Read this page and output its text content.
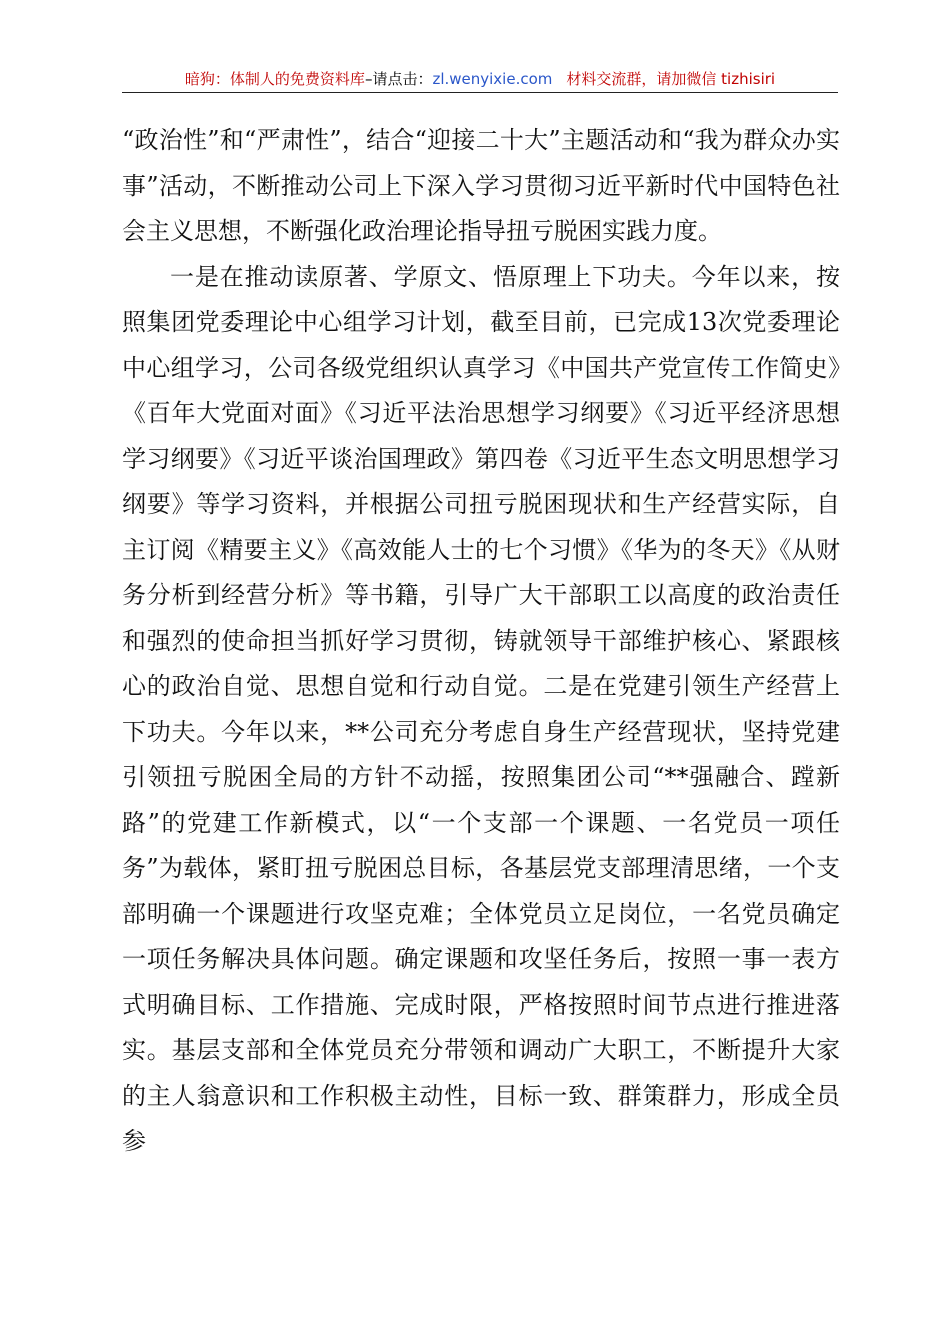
暗狗：体制人的免费资料库–请点击：zl.wenyixie.com 材料交流群，请加微信 tizhisiri

“政治性”和“严肃性”，结合“迎接二十大”主题活动和“我为群众办实事”活动，不断推动公司上下深入学习贯彻习近平新时代中国特色社会主义思想，不断强化政治理论指导扭亏脱困实践力度。

一是在推动读原著、学原文、悟原理上下功夫。今年以来，按照集团党委理论中心组学习计划，截至目前，已完成13次党委理论中心组学习，公司各级党组织认真学习《中国共产党宣传工作简史》《百年大党面对面》《习近平法治思想学习纲要》《习近平经济思想学习纲要》《习近平谈治国理政》第四卷《习近平生态文明思想学习纲要》等学习资料，并根据公司扭亏脱困现状和生产经营实际，自主订阅《精要主义》《高效能人士的七个习惯》《华为的冬天》《从财务分析到经营分析》等书籍，引导广大干部职工以高度的政治责任和强烈的使命担当抓好学习贯彻，铸就领导干部维护核心、紧跟核心的政治自觉、思想自觉和行动自觉。二是在党建引领生产经营上下功夫。今年以来，**公司充分考虑自身生产经营现状，坚持党建引领扭亏脱困全局的方针不动摇，按照集团公司“**强融合、蹚新路”的党建工作新模式，以“一个支部一个课题、一名党员一项任务”为载体，紧盯扭亏脱困总目标，各基层党支部理清思绪，一个支部明确一个课题进行攻坚克难；全体党员立足岗位，一名党员确定一项任务解决具体问题。确定课题和攻坚任务后，按照一事一表方式明确目标、工作措施、完成时限，严格按照时间节点进行推进落实。基层支部和全体党员充分带领和调动广大职工，不断提升大家的主人翁意识和工作积极主动性，目标一致、群策群力，形成全员参
